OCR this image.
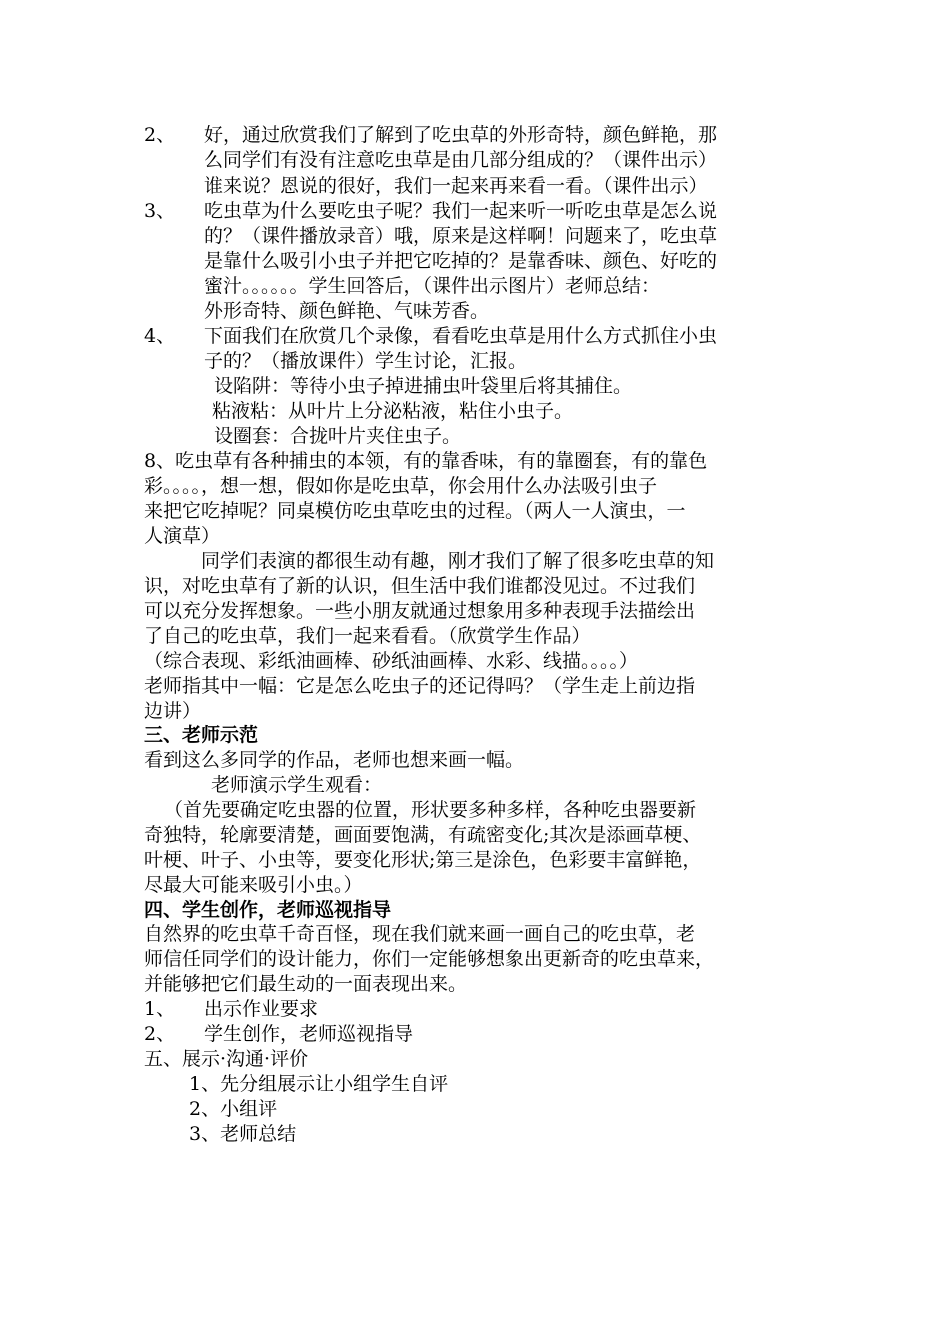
2、 好，通过欣赏我们了解到了吃虫草的外形奇特，颜色鲜艳，那
么同学们有没有注意吃虫草是由几部分组成的？（课件出示）
谁来说？恩说的很好，我们一起来再来看一看。（课件出示）
3、 吃虫草为什么要吃虫子呢？我们一起来听一听吃虫草是怎么说
的？（课件播放录音）哦，原来是这样啊！问题来了，吃虫草
是靠什么吸引小虫子并把它吃掉的？是靠香味、颜色、好吃的
蜜汁。。。。。。学生回答后，（课件出示图片）老师总结：
外形奇特、颜色鲜艳、气味芳香。
4、 下面我们在欣赏几个录像，看看吃虫草是用什么方式抓住小虫
子的？（播放课件）学生讨论，汇报。
设陷阱：等待小虫子掉进捕虫叶袋里后将其捕住。
粘液粘：从叶片上分泌粘液，粘住小虫子。
设圈套：合拢叶片夹住虫子。
8、吃虫草有各种捕虫的本领，有的靠香味，有的靠圈套，有的靠色
彩。。。。，想一想，假如你是吃虫草，你会用什么办法吸引虫子
来把它吃掉呢？同桌模仿吃虫草吃虫的过程。（两人一人演虫，一
人演草）
同学们表演的都很生动有趣，刚才我们了解了很多吃虫草的知
识，对吃虫草有了新的认识，但生活中我们谁都没见过。不过我们
可以充分发挥想象。一些小朋友就通过想象用多种表现手法描绘出
了自己的吃虫草，我们一起来看看。（欣赏学生作品）
（综合表现、彩纸油画棒、砂纸油画棒、水彩、线描。。。。）
老师指其中一幅：它是怎么吃虫子的还记得吗？（学生走上前边指
边讲）
三、老师示范
看到这么多同学的作品，老师也想来画一幅。
老师演示学生观看：
（首先要确定吃虫器的位置，形状要多种多样，各种吃虫器要新
奇独特，轮廓要清楚，画面要饱满，有疏密变化;其次是添画草梗、
叶梗、叶子、小虫等，要变化形状;第三是涂色，色彩要丰富鲜艳，
尽最大可能来吸引小虫。）
四、学生创作，老师巡视指导
自然界的吃虫草千奇百怪，现在我们就来画一画自己的吃虫草，老
师信任同学们的设计能力，你们一定能够想象出更新奇的吃虫草来，
并能够把它们最生动的一面表现出来。
1、 出示作业要求
2、 学生创作，老师巡视指导
五、展示·沟通·评价
1、先分组展示让小组学生自评
2、小组评
3、老师总结
